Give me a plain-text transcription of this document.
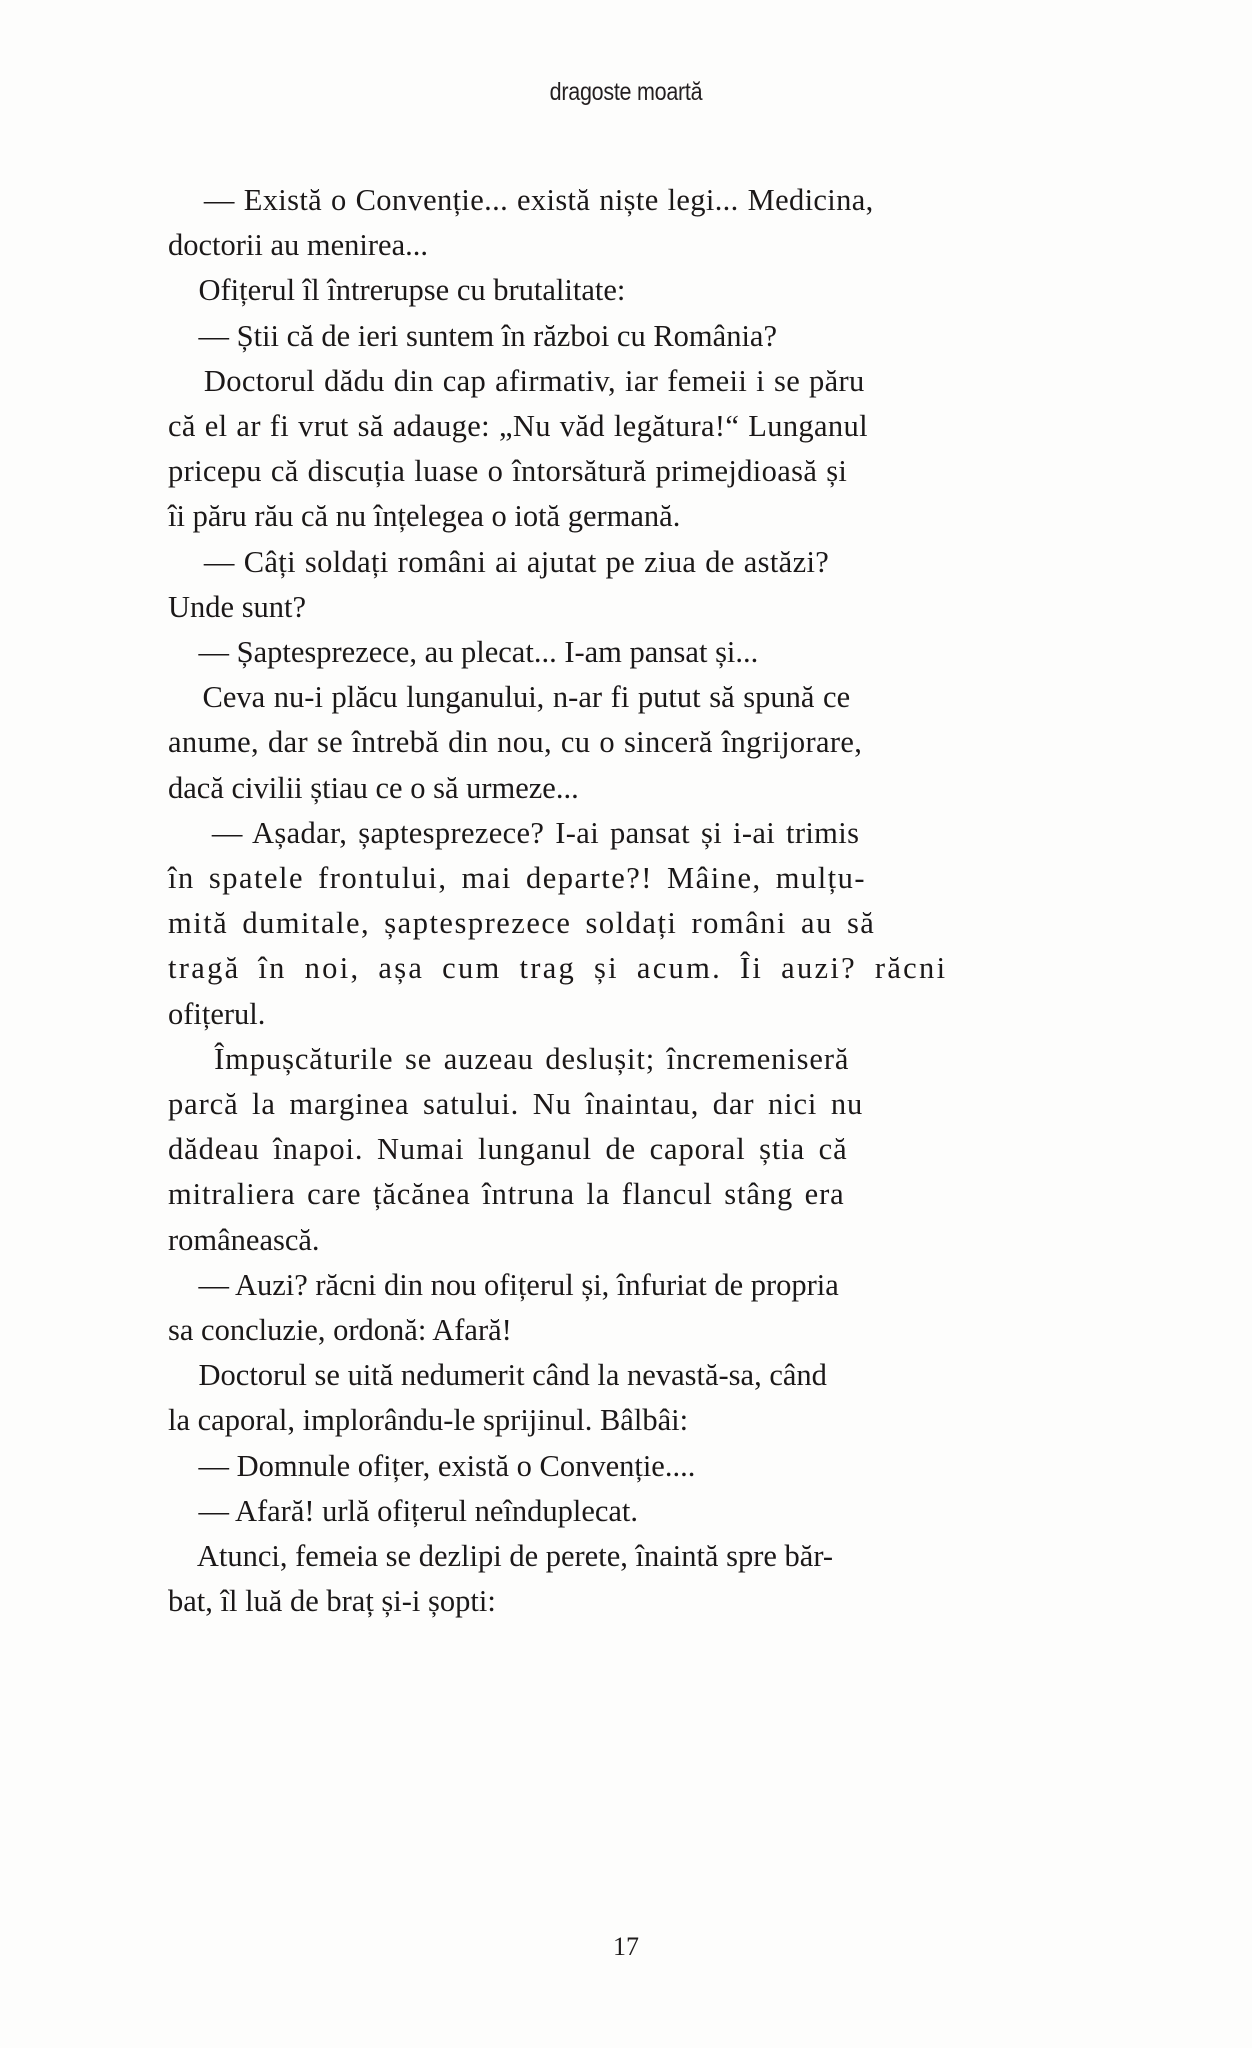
dragoste moartă
— Există o Convenție... există niște legi... Medicina,
doctorii au menirea...
Ofițerul îl întrerupse cu brutalitate:
— Știi că de ieri suntem în război cu România?
Doctorul dădu din cap afirmativ, iar femeii i se păru
că el ar fi vrut să adauge: „Nu văd legătura!“ Lunganul
pricepu că discuția luase o întorsătură primejdioasă și
îi păru rău că nu înțelegea o iotă germană.
— Câți soldați români ai ajutat pe ziua de astăzi?
Unde sunt?
— Șaptesprezece, au plecat... I-am pansat și...
Ceva nu-i plăcu lunganului, n-ar fi putut să spună ce
anume, dar se întrebă din nou, cu o sinceră îngrijorare,
dacă civilii știau ce o să urmeze...
— Așadar, șaptesprezece? I-ai pansat și i-ai trimis
în spatele frontului, mai departe?! Mâine, mulțu-
mită dumitale, șaptesprezece soldați români au să
tragă în noi, așa cum trag și acum. Îi auzi? răcni
ofițerul.
Împușcăturile se auzeau deslușit; încremeniseră
parcă la marginea satului. Nu înaintau, dar nici nu
dădeau înapoi. Numai lunganul de caporal știa că
mitraliera care țăcănea întruna la flancul stâng era
românească.
— Auzi? răcni din nou ofițerul și, înfuriat de propria
sa concluzie, ordonă: Afară!
Doctorul se uită nedumerit când la nevastă-sa, când
la caporal, implorându-le sprijinul. Bâlbâi:
— Domnule ofițer, există o Convenție....
— Afară! urlă ofițerul neînduplecat.
Atunci, femeia se dezlipi de perete, înaintă spre băr-
bat, îl luă de braț și-i șopti:
17
